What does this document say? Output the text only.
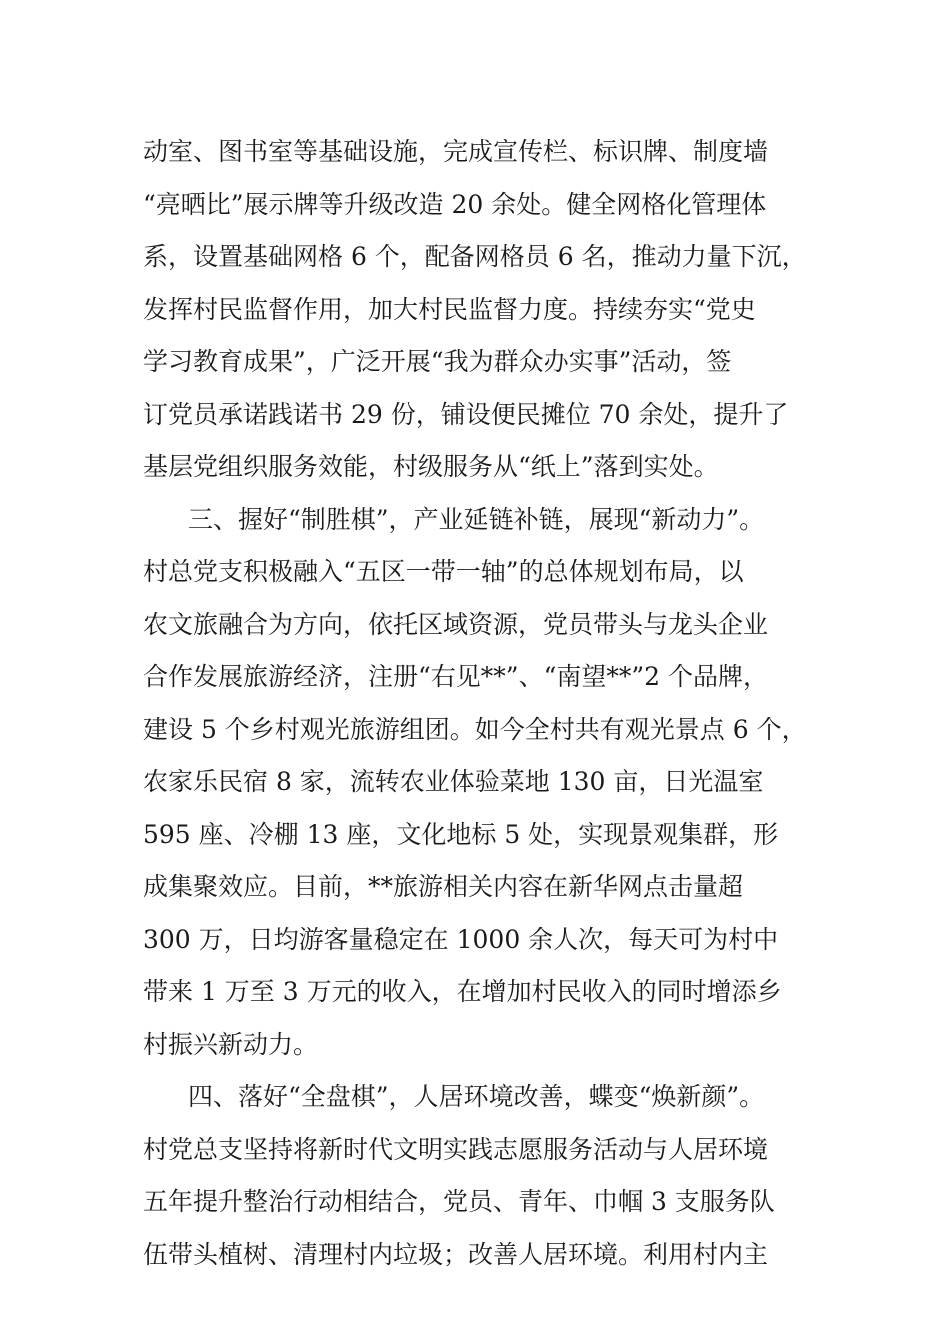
动室、图书室等基础设施，完成宣传栏、标识牌、制度墙
“亮晒比”展示牌等升级改造 20 余处。健全网格化管理体
系，设置基础网格 6 个，配备网格员 6 名，推动力量下沉，
发挥村民监督作用，加大村民监督力度。持续夯实“党史
学习教育成果”，广泛开展“我为群众办实事”活动，签
订党员承诺践诺书 29 份，铺设便民摊位 70 余处，提升了
基层党组织服务效能，村级服务从“纸上”落到实处。
三、握好“制胜棋”，产业延链补链，展现“新动力”。
村总党支积极融入“五区一带一轴”的总体规划布局，以
农文旅融合为方向，依托区域资源，党员带头与龙头企业
合作发展旅游经济，注册“右见**”、“南望**”2 个品牌，
建设 5 个乡村观光旅游组团。如今全村共有观光景点 6 个，
农家乐民宿 8 家，流转农业体验菜地 130 亩，日光温室
595 座、冷棚 13 座，文化地标 5 处，实现景观集群，形
成集聚效应。目前，**旅游相关内容在新华网点击量超
300 万，日均游客量稳定在 1000 余人次，每天可为村中
带来 1 万至 3 万元的收入，在增加村民收入的同时增添乡
村振兴新动力。
四、落好“全盘棋”，人居环境改善，蝶变“焕新颜”。
村党总支坚持将新时代文明实践志愿服务活动与人居环境
五年提升整治行动相结合，党员、青年、巾帼 3 支服务队
伍带头植树、清理村内垃圾；改善人居环境。利用村内主
